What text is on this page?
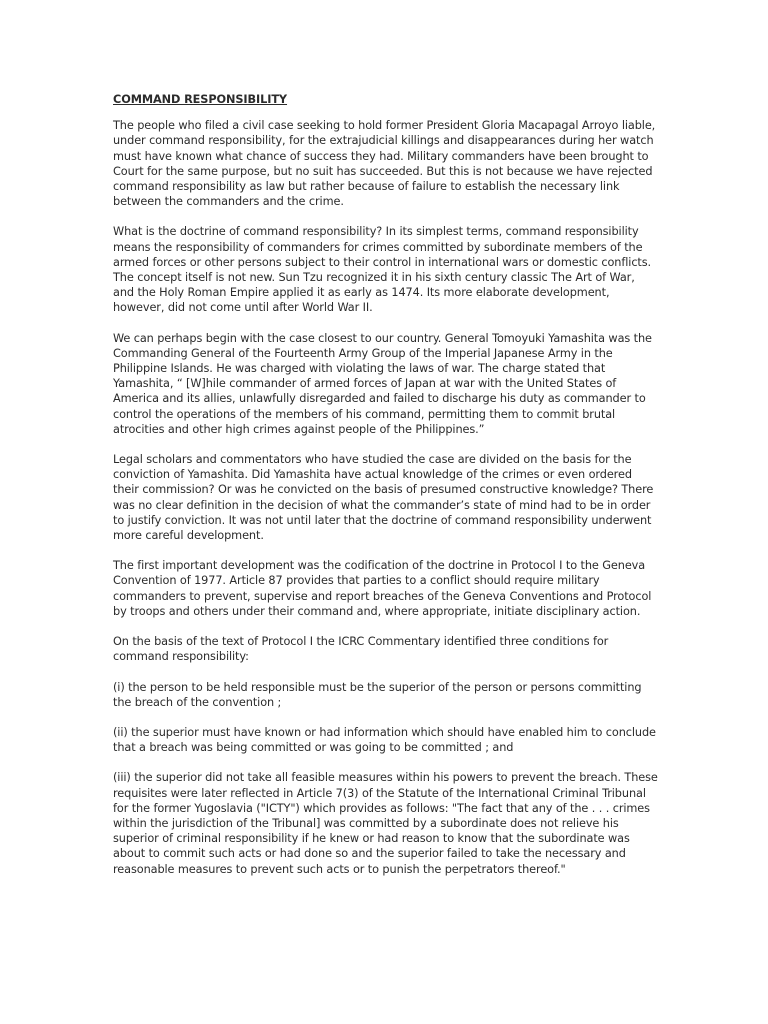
COMMAND RESPONSIBILITY

The people who filed a civil case seeking to hold former President Gloria Macapagal Arroyo liable, under command responsibility, for the extrajudicial killings and disappearances during her watch must have known what chance of success they had. Military commanders have been brought to Court for the same purpose, but no suit has succeeded. But this is not because we have rejected command responsibility as law but rather because of failure to establish the necessary link between the commanders and the crime.

What is the doctrine of command responsibility? In its simplest terms, command responsibility means the responsibility of commanders for crimes committed by subordinate members of the armed forces or other persons subject to their control in international wars or domestic conflicts. The concept itself is not new. Sun Tzu recognized it in his sixth century classic The Art of War, and the Holy Roman Empire applied it as early as 1474. Its more elaborate development, however, did not come until after World War II.

We can perhaps begin with the case closest to our country. General Tomoyuki Yamashita was the Commanding General of the Fourteenth Army Group of the Imperial Japanese Army in the Philippine Islands. He was charged with violating the laws of war. The charge stated that Yamashita, “ [W]hile commander of armed forces of Japan at war with the United States of America and its allies, unlawfully disregarded and failed to discharge his duty as commander to control the operations of the members of his command, permitting them to commit brutal atrocities and other high crimes against people of the Philippines.”

Legal scholars and commentators who have studied the case are divided on the basis for the conviction of Yamashita. Did Yamashita have actual knowledge of the crimes or even ordered their commission? Or was he convicted on the basis of presumed constructive knowledge? There was no clear definition in the decision of what the commander’s state of mind had to be in order to justify conviction. It was not until later that the doctrine of command responsibility underwent more careful development.

The first important development was the codification of the doctrine in Protocol I to the Geneva Convention of 1977. Article 87 provides that parties to a conflict should require military commanders to prevent, supervise and report breaches of the Geneva Conventions and Protocol by troops and others under their command and, where appropriate, initiate disciplinary action.

On the basis of the text of Protocol I the ICRC Commentary identified three conditions for command responsibility:

(i) the person to be held responsible must be the superior of the person or persons committing the breach of the convention ;

(ii) the superior must have known or had information which should have enabled him to conclude that a breach was being committed or was going to be committed ; and

(iii) the superior did not take all feasible measures within his powers to prevent the breach. These requisites were later reflected in Article 7(3) of the Statute of the International Criminal Tribunal for the former Yugoslavia ("ICTY") which provides as follows: "The fact that any of the . . . crimes within the jurisdiction of the Tribunal] was committed by a subordinate does not relieve his superior of criminal responsibility if he knew or had reason to know that the subordinate was about to commit such acts or had done so and the superior failed to take the necessary and reasonable measures to prevent such acts or to punish the perpetrators thereof."
